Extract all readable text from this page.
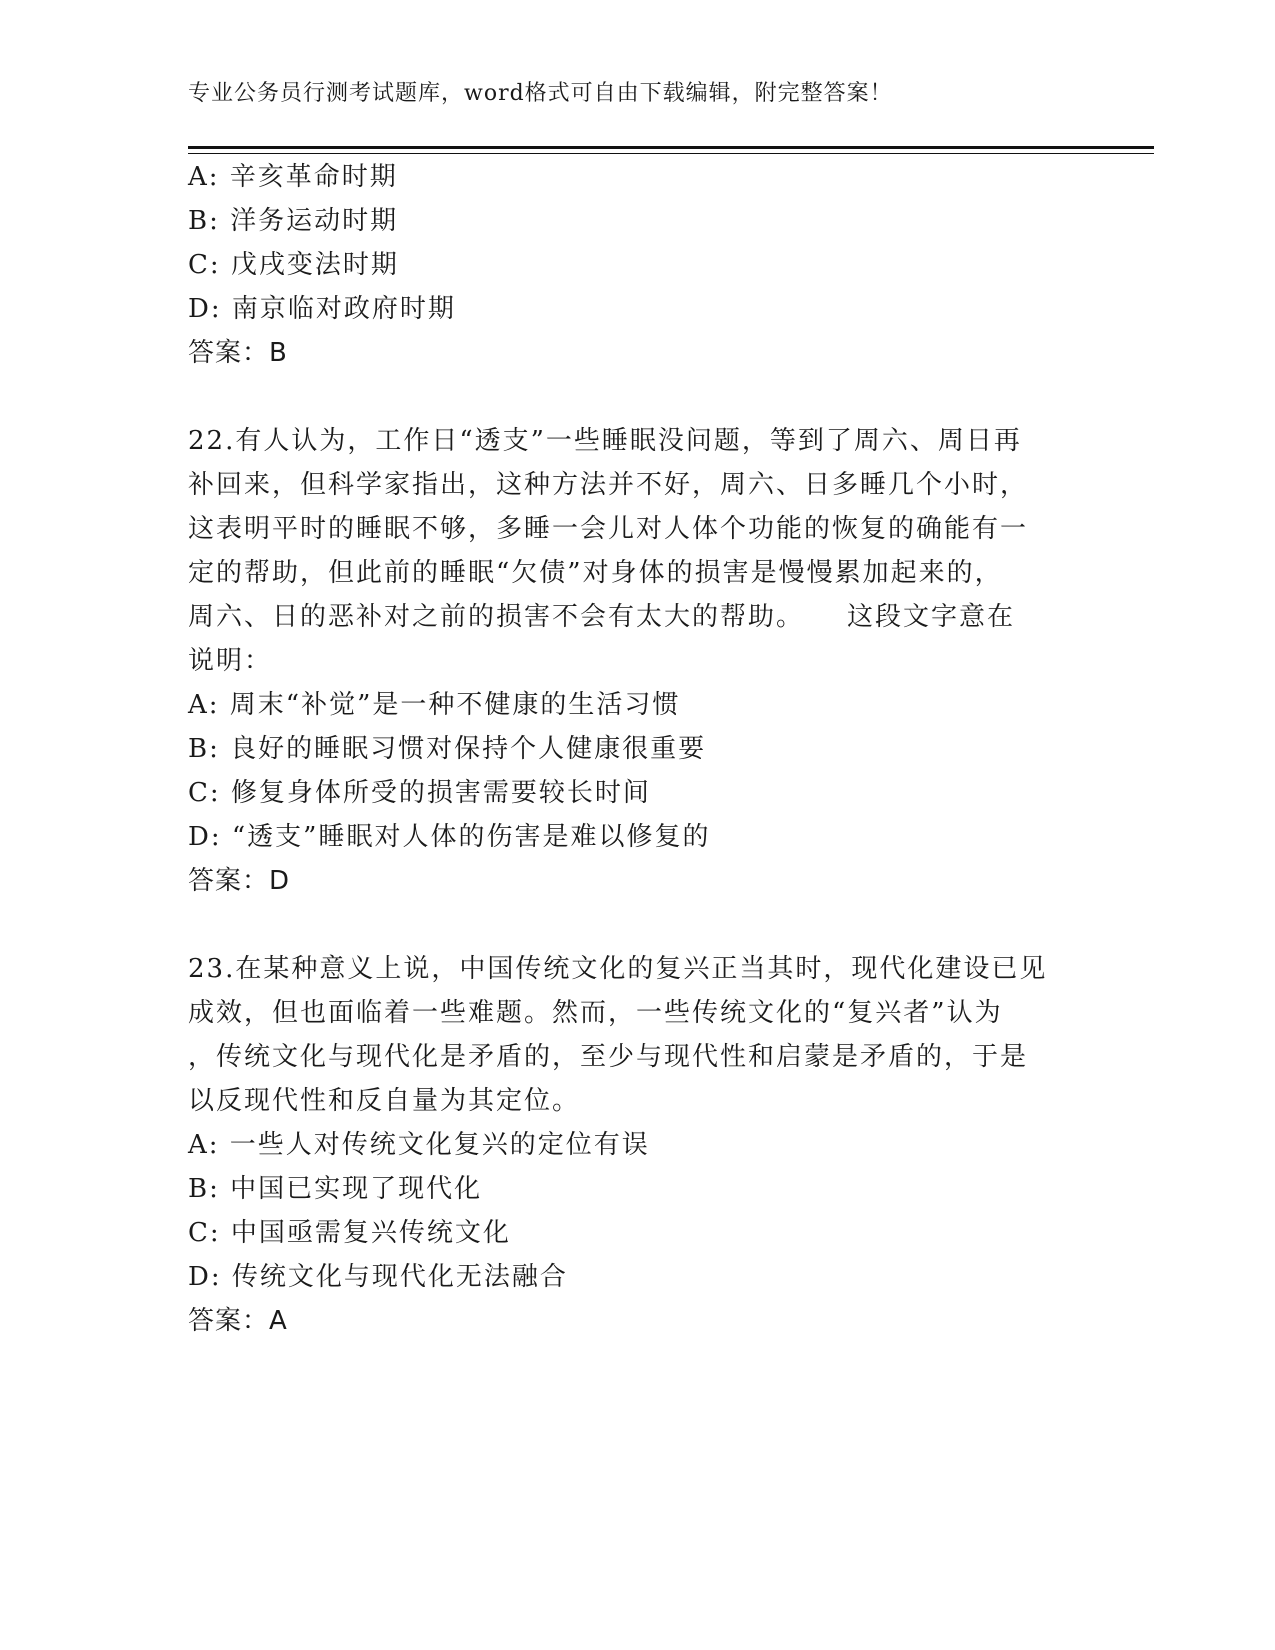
专业公务员行测考试题库，word格式可自由下载编辑，附完整答案！
A: 辛亥革命时期
B: 洋务运动时期
C: 戊戌变法时期
D: 南京临对政府时期
答案：B
22.有人认为，工作日“透支”一些睡眠没问题，等到了周六、周日再
补回来，但科学家指出，这种方法并不好，周六、日多睡几个小时，
这表明平时的睡眠不够，多睡一会儿对人体个功能的恢复的确能有一
定的帮助，但此前的睡眠“欠债”对身体的损害是慢慢累加起来的，
周六、日的恶补对之前的损害不会有太大的帮助。　　这段文字意在
说明：
A: 周末“补觉”是一种不健康的生活习惯
B: 良好的睡眠习惯对保持个人健康很重要
C: 修复身体所受的损害需要较长时间
D: “透支”睡眠对人体的伤害是难以修复的
答案：D
23.在某种意义上说，中国传统文化的复兴正当其时，现代化建设已见
成效，但也面临着一些难题。然而，一些传统文化的“复兴者”认为
，传统文化与现代化是矛盾的，至少与现代性和启蒙是矛盾的，于是
以反现代性和反自量为其定位。
A: 一些人对传统文化复兴的定位有误
B: 中国已实现了现代化
C: 中国亟需复兴传统文化
D: 传统文化与现代化无法融合
答案：A
